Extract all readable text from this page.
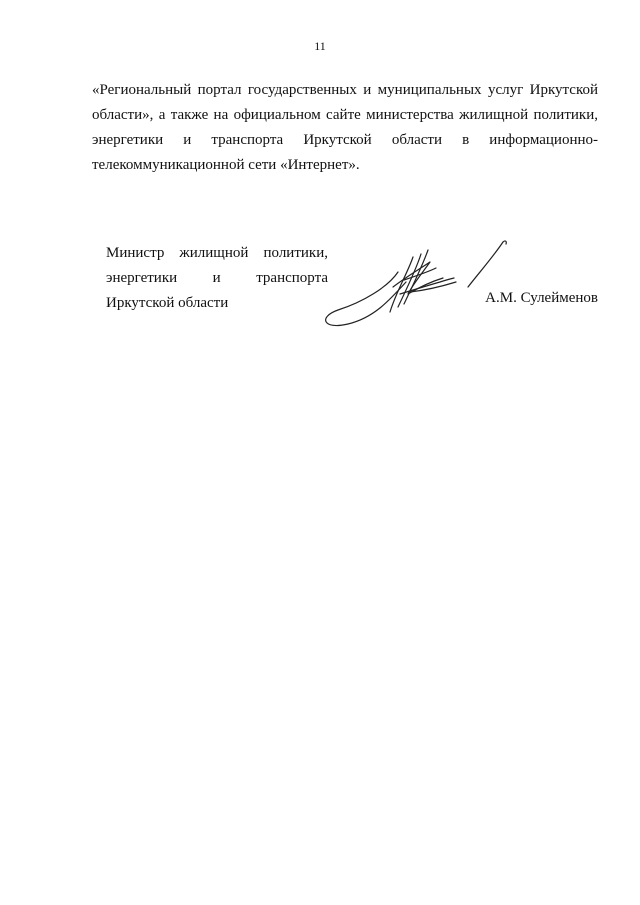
11
«Региональный портал государственных и муниципальных услуг Иркутской
области», а также на официальном сайте министерства жилищной политики,
энергетики и транспорта Иркутской области в информационно-
телекоммуникационной сети «Интернет».
Министр жилищной политики,
энергетики и транспорта
Иркутской области	А.М. Сулейменов
